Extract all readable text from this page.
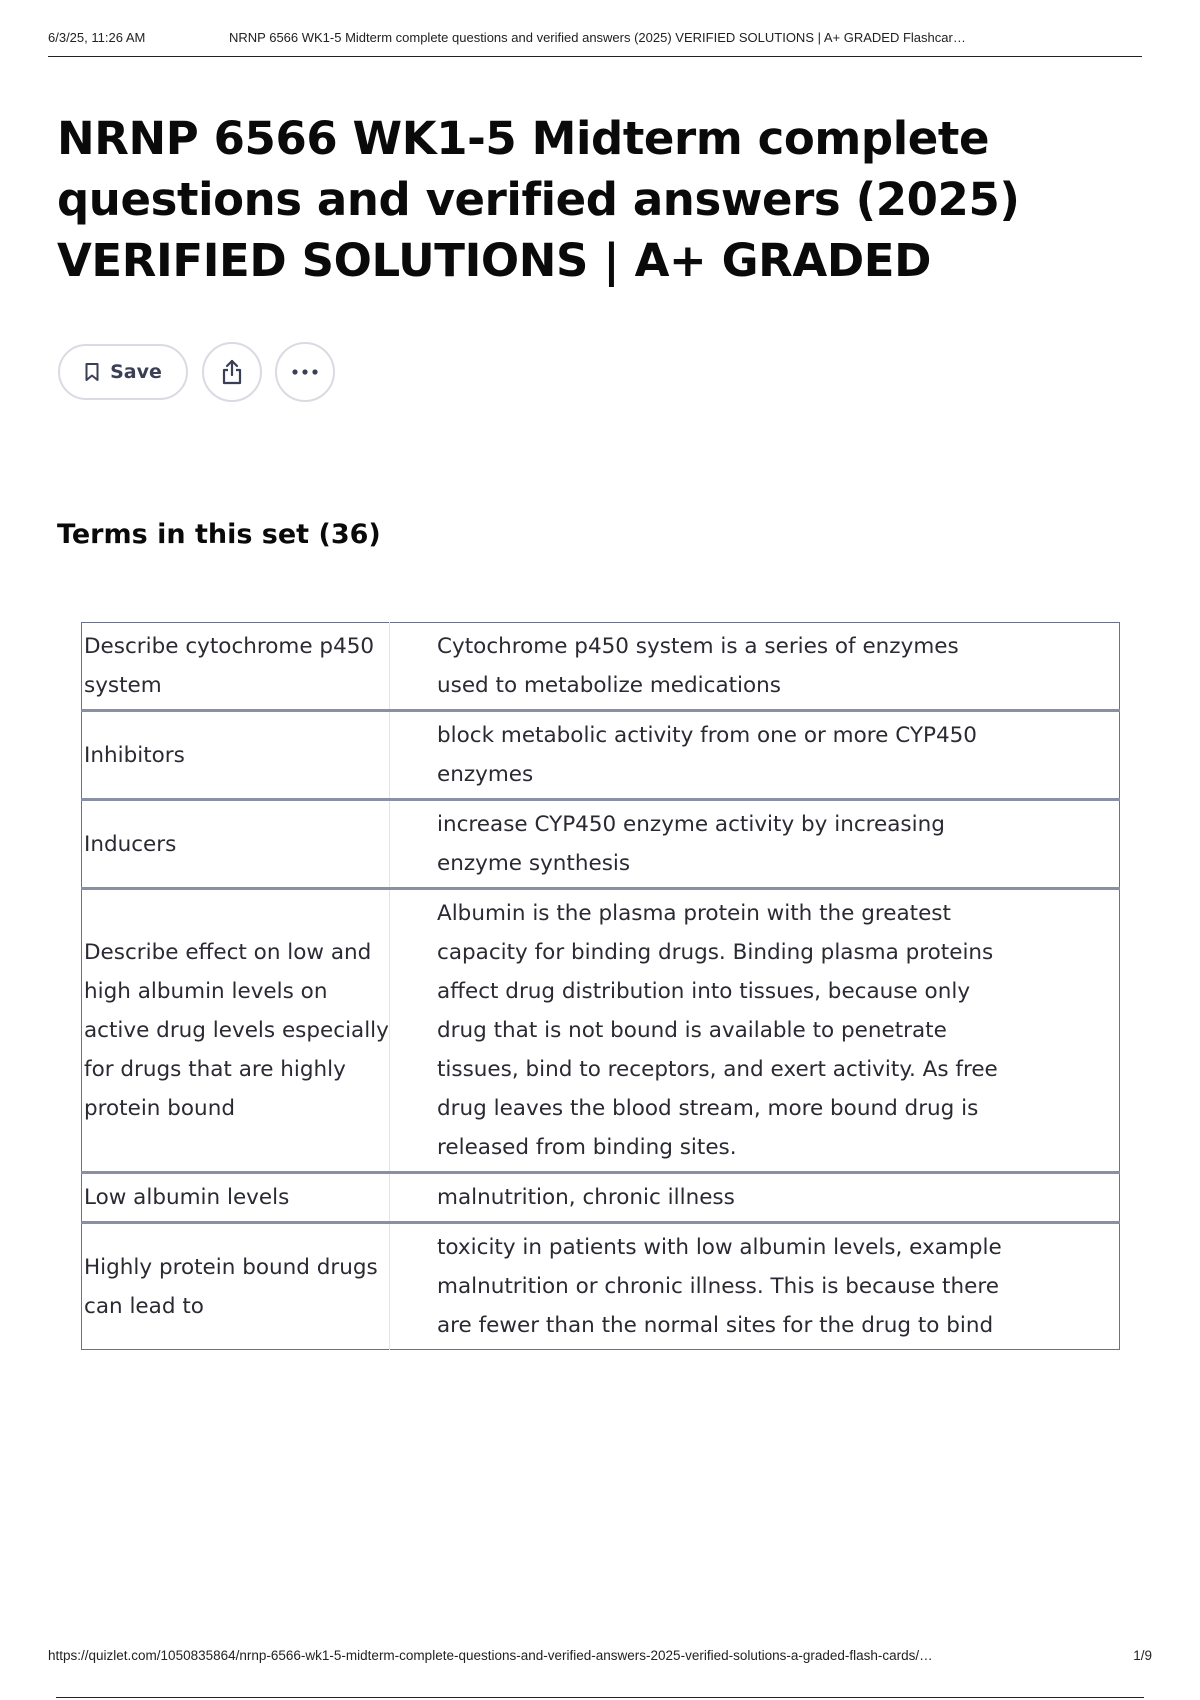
6/3/25, 11:26 AM	NRNP 6566 WK1-5 Midterm complete questions and verified answers (2025) VERIFIED SOLUTIONS | A+ GRADED Flashcar…
NRNP 6566 WK1-5 Midterm complete questions and verified answers (2025) VERIFIED SOLUTIONS | A+ GRADED
Save
Terms in this set (36)
Describe cytochrome p450 system	Cytochrome p450 system is a series of enzymes used to metabolize medications
Inhibitors	block metabolic activity from one or more CYP450 enzymes
Inducers	increase CYP450 enzyme activity by increasing enzyme synthesis
Describe effect on low and high albumin levels on active drug levels especially for drugs that are highly protein bound	Albumin is the plasma protein with the greatest capacity for binding drugs. Binding plasma proteins affect drug distribution into tissues, because only drug that is not bound is available to penetrate tissues, bind to receptors, and exert activity. As free drug leaves the blood stream, more bound drug is released from binding sites.
Low albumin levels	malnutrition, chronic illness
Highly protein bound drugs can lead to	toxicity in patients with low albumin levels, example malnutrition or chronic illness. This is because there are fewer than the normal sites for the drug to bind
https://quizlet.com/1050835864/nrnp-6566-wk1-5-midterm-complete-questions-and-verified-answers-2025-verified-solutions-a-graded-flash-cards/…	1/9
